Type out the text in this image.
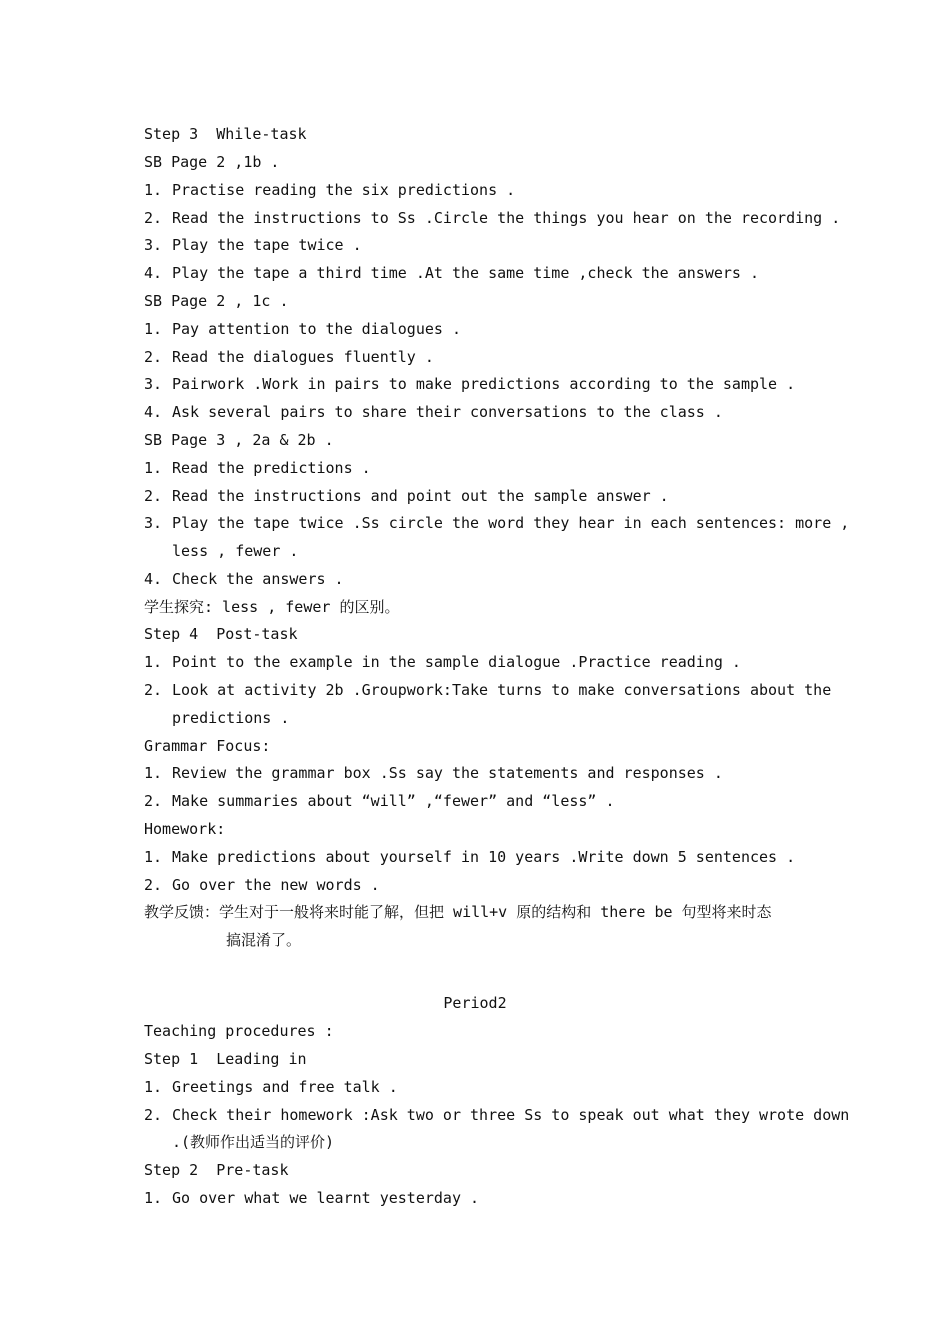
Step 3  While-task
SB Page 2 ,1b .
1. Practise reading the six predictions .
2. Read the instructions to Ss .Circle the things you hear on the recording .
3. Play the tape twice .
4. Play the tape a third time .At the same time ,check the answers .
SB Page 2 , 1c .
1. Pay attention to the dialogues .
2. Read the dialogues fluently .
3. Pairwork .Work in pairs to make predictions according to the sample .
4. Ask several pairs to share their conversations to the class .
SB Page 3 , 2a & 2b .
1. Read the predictions .
2. Read the instructions and point out the sample answer .
3. Play the tape twice .Ss circle the word they hear in each sentences: more ,
less , fewer .
4. Check the answers .
学生探究: less , fewer 的区别。
Step 4  Post-task
1. Point to the example in the sample dialogue .Practice reading .
2. Look at activity 2b .Groupwork:Take turns to make conversations about the
predictions .
Grammar Focus:
1. Review the grammar box .Ss say the statements and responses .
2. Make summaries about “will” ,“fewer” and “less” .
Homework:
1. Make predictions about yourself in 10 years .Write down 5 sentences .
2. Go over the new words .
教学反馈：学生对于一般将来时能了解，但把 will+v 原的结构和 there be 句型将来时态
搞混淆了。
Period2
Teaching procedures :
Step 1  Leading in
1. Greetings and free talk .
2. Check their homework :Ask two or three Ss to speak out what they wrote down
.(教师作出适当的评价)
Step 2  Pre-task
1. Go over what we learnt yesterday .
